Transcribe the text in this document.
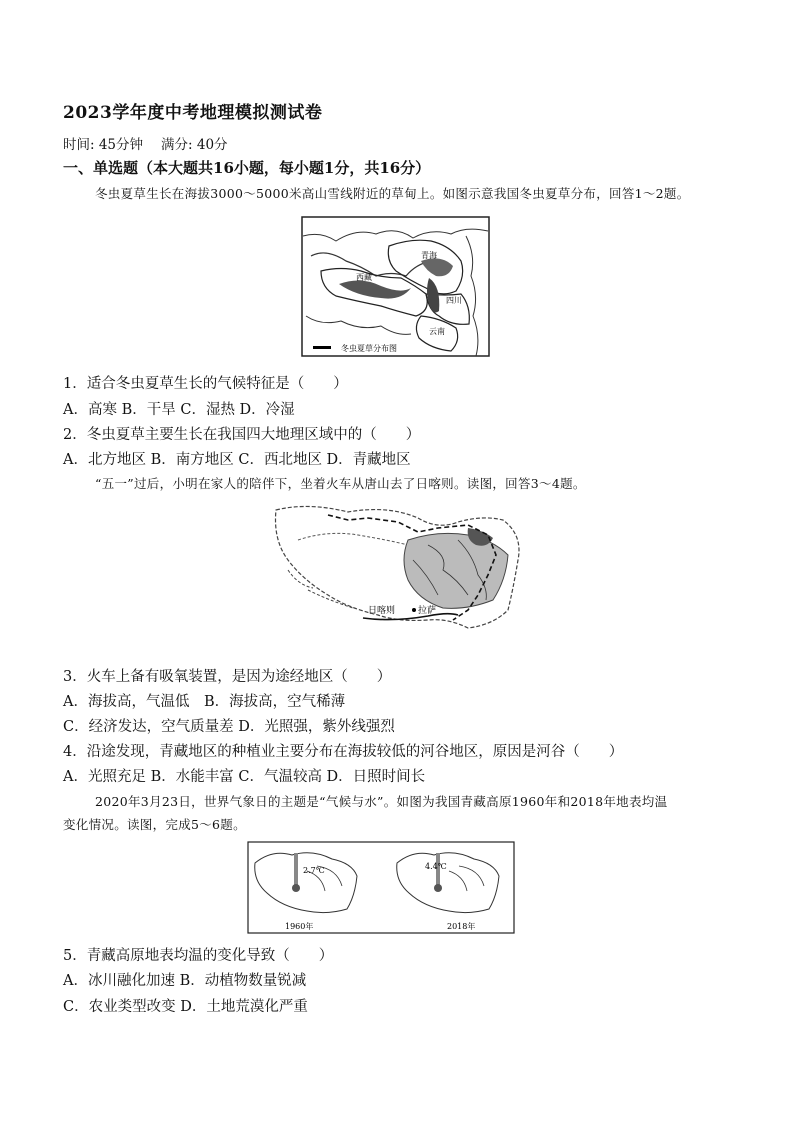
2023学年度中考地理模拟测试卷
时间: 45分钟 满分: 40分
一、单选题（本大题共16小题，每小题1分，共16分）
冬虫夏草生长在海拔3000～5000米高山雪线附近的草甸上。如图示意我国冬虫夏草分布，回答1～2题。
青海
西藏
四川
云南
冬虫夏草分布图
1．适合冬虫夏草生长的气候特征是（　　）
A．高寒 B．干旱 C．湿热 D．冷湿
2．冬虫夏草主要生长在我国四大地理区域中的（　　）
A．北方地区 B．南方地区 C．西北地区 D．青藏地区
“五一”过后，小明在家人的陪伴下，坐着火车从唐山去了日喀则。读图，回答3～4题。
日喀则	拉萨
3．火车上备有吸氧装置，是因为途经地区（　　）
A．海拔高，气温低　B．海拔高，空气稀薄
C．经济发达，空气质量差 D．光照强，紫外线强烈
4．沿途发现，青藏地区的种植业主要分布在海拔较低的河谷地区，原因是河谷（　　）
A．光照充足 B．水能丰富 C．气温较高 D．日照时间长
2020年3月23日，世界气象日的主题是“气候与水”。如图为我国青藏高原1960年和2018年地表均温
变化情况。读图，完成5～6题。
2.7℃
1960年
4.4℃
2018年
5．青藏高原地表均温的变化导致（　　）
A．冰川融化加速 B．动植物数量锐减
C．农业类型改变 D．土地荒漠化严重
